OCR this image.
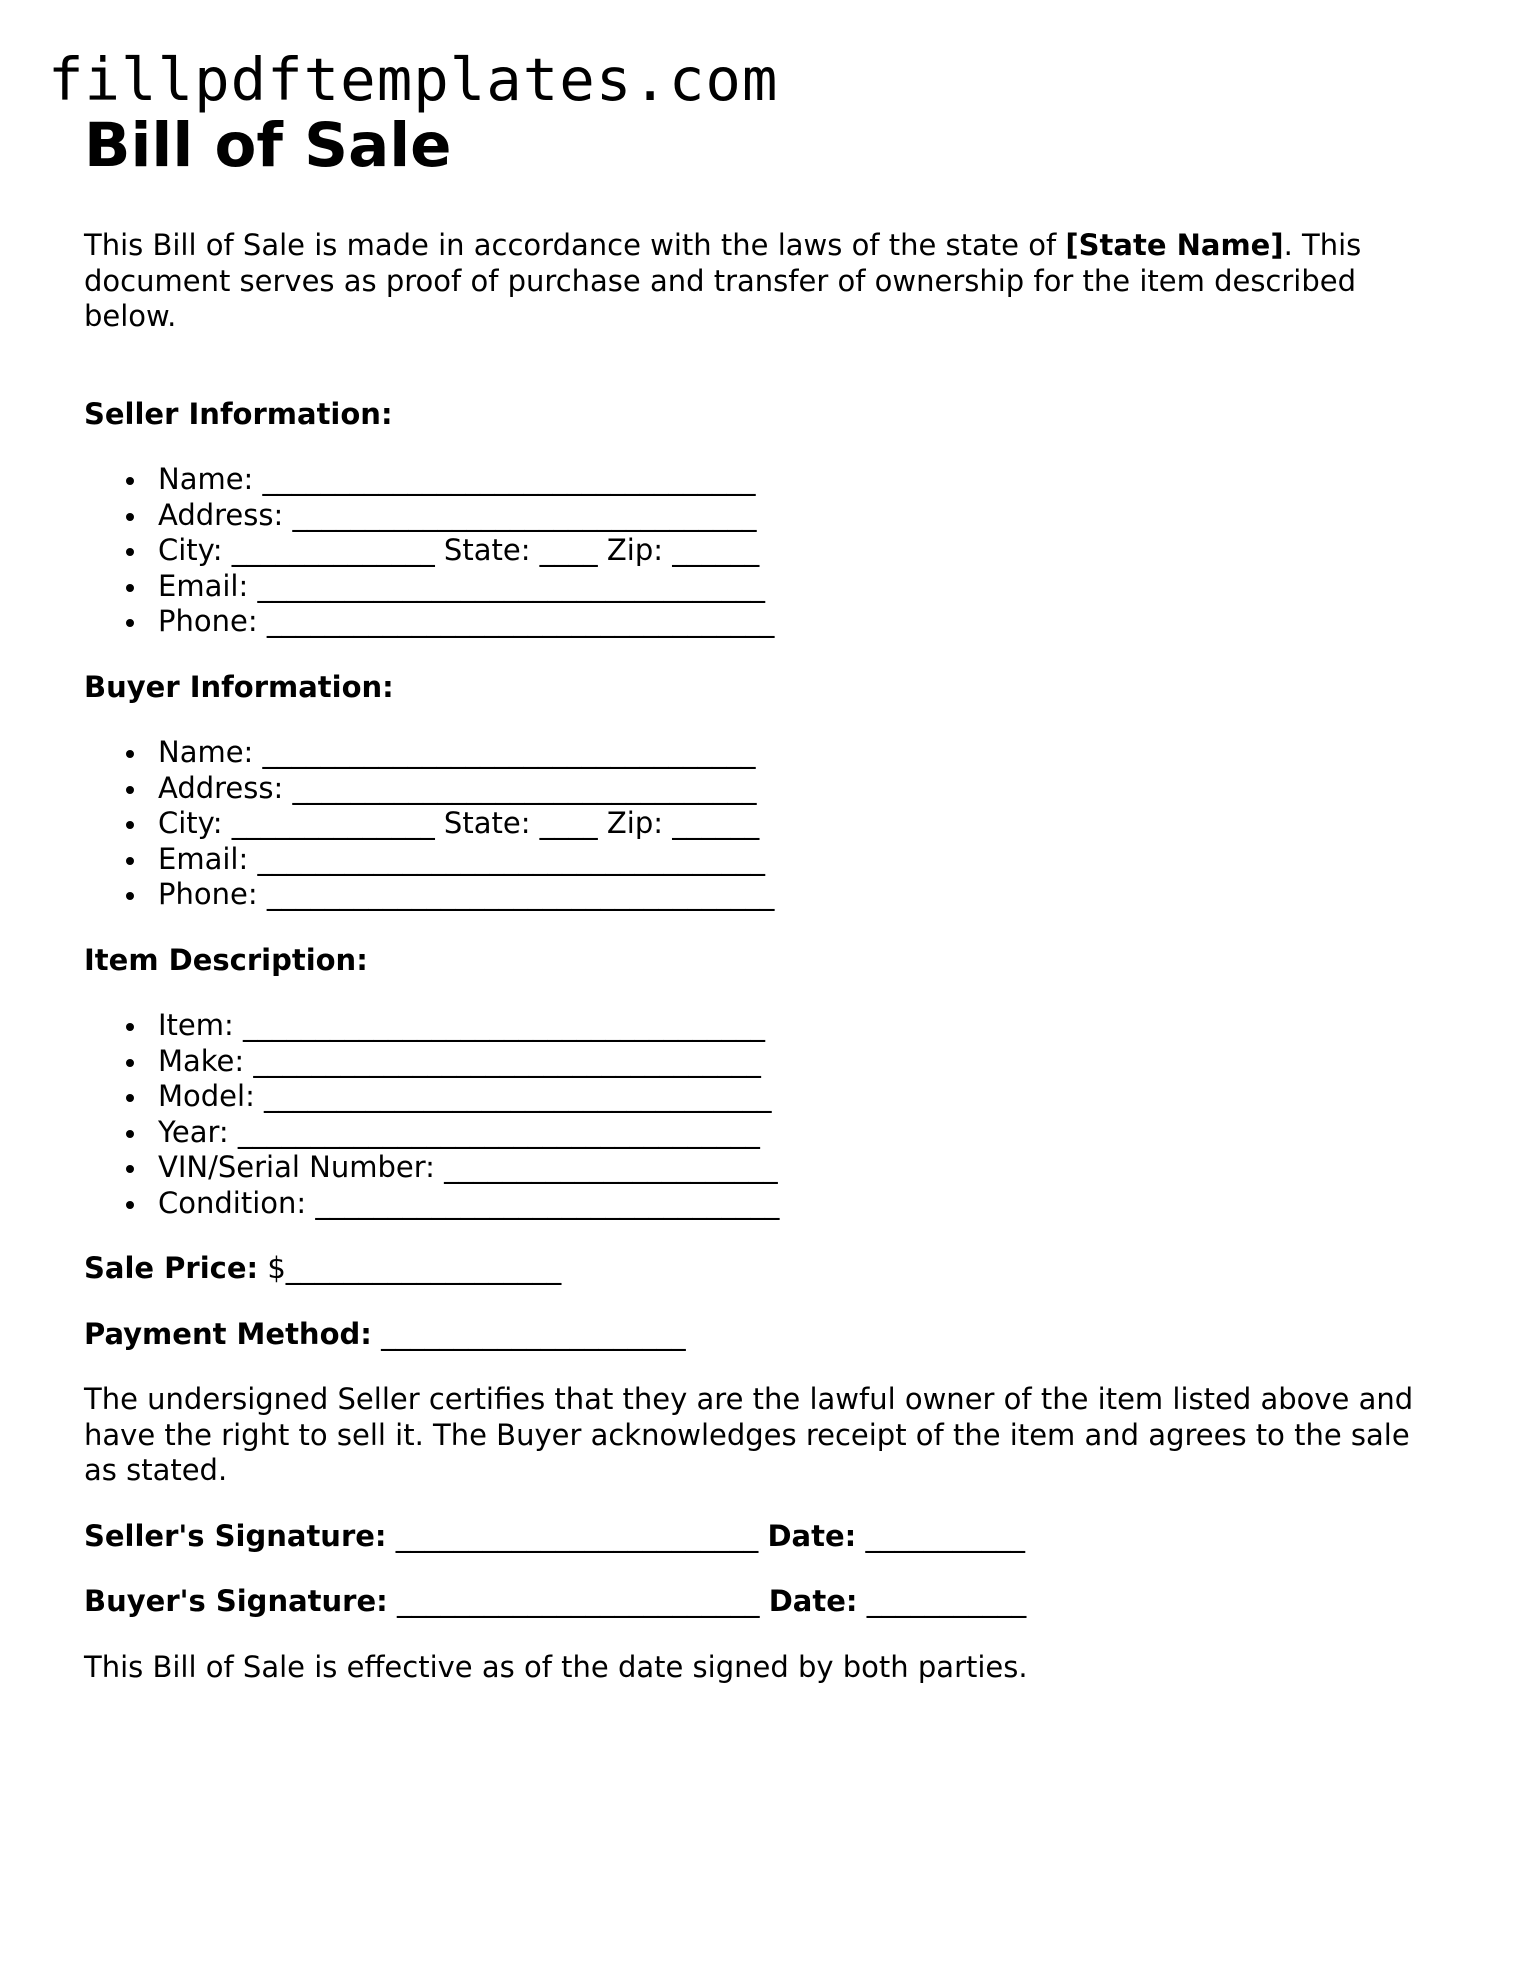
fillpdftemplates.com
Bill of Sale

This Bill of Sale is made in accordance with the laws of the state of [State Name]. This document serves as proof of purchase and transfer of ownership for the item described below.

Seller Information:
Name: __________________________________
Address: ________________________________
City: ______________ State: ____ Zip: ______
Email: ___________________________________
Phone: ___________________________________
Buyer Information:
Name: __________________________________
Address: ________________________________
City: ______________ State: ____ Zip: ______
Email: ___________________________________
Phone: ___________________________________
Item Description:
Item: ____________________________________
Make: ___________________________________
Model: ___________________________________
Year: ____________________________________
VIN/Serial Number: _______________________
Condition: ________________________________
Sale Price: $___________________
Payment Method: _____________________

The undersigned Seller certifies that they are the lawful owner of the item listed above and have the right to sell it. The Buyer acknowledges receipt of the item and agrees to the sale as stated.

Seller's Signature: _________________________ Date: ___________
Buyer's Signature: _________________________ Date: ___________

This Bill of Sale is effective as of the date signed by both parties.
